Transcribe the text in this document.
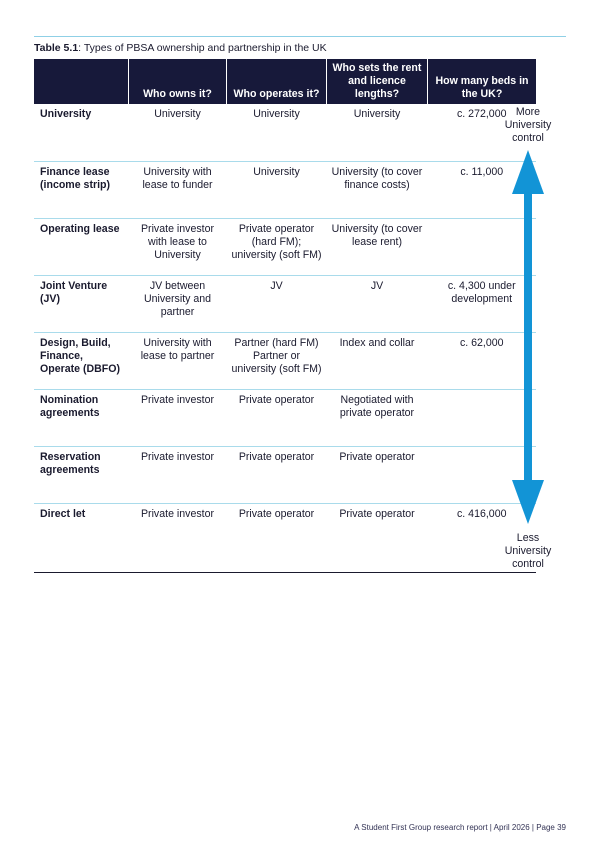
Table 5.1: Types of PBSA ownership and partnership in the UK
	Who owns it?	Who operates it?	Who sets the rent and licence lengths?	How many beds in the UK?
University	University	University	University	c. 272,000
Finance lease (income strip)	University with lease to funder	University	University (to cover finance costs)	c. 11,000
Operating lease	Private investor with lease to University	Private operator (hard FM); university (soft FM)	University (to cover lease rent)	
Joint Venture (JV)	JV between University and partner	JV	JV	c. 4,300 under development
Design, Build, Finance, Operate (DBFO)	University with lease to partner	Partner (hard FM) Partner or university (soft FM)	Index and collar	c. 62,000
Nomination agreements	Private investor	Private operator	Negotiated with private operator	
Reservation agreements	Private investor	Private operator	Private operator	
Direct let	Private investor	Private operator	Private operator	c. 416,000
More University control
Less University control
A Student First Group research report | April 2026 | Page 39
